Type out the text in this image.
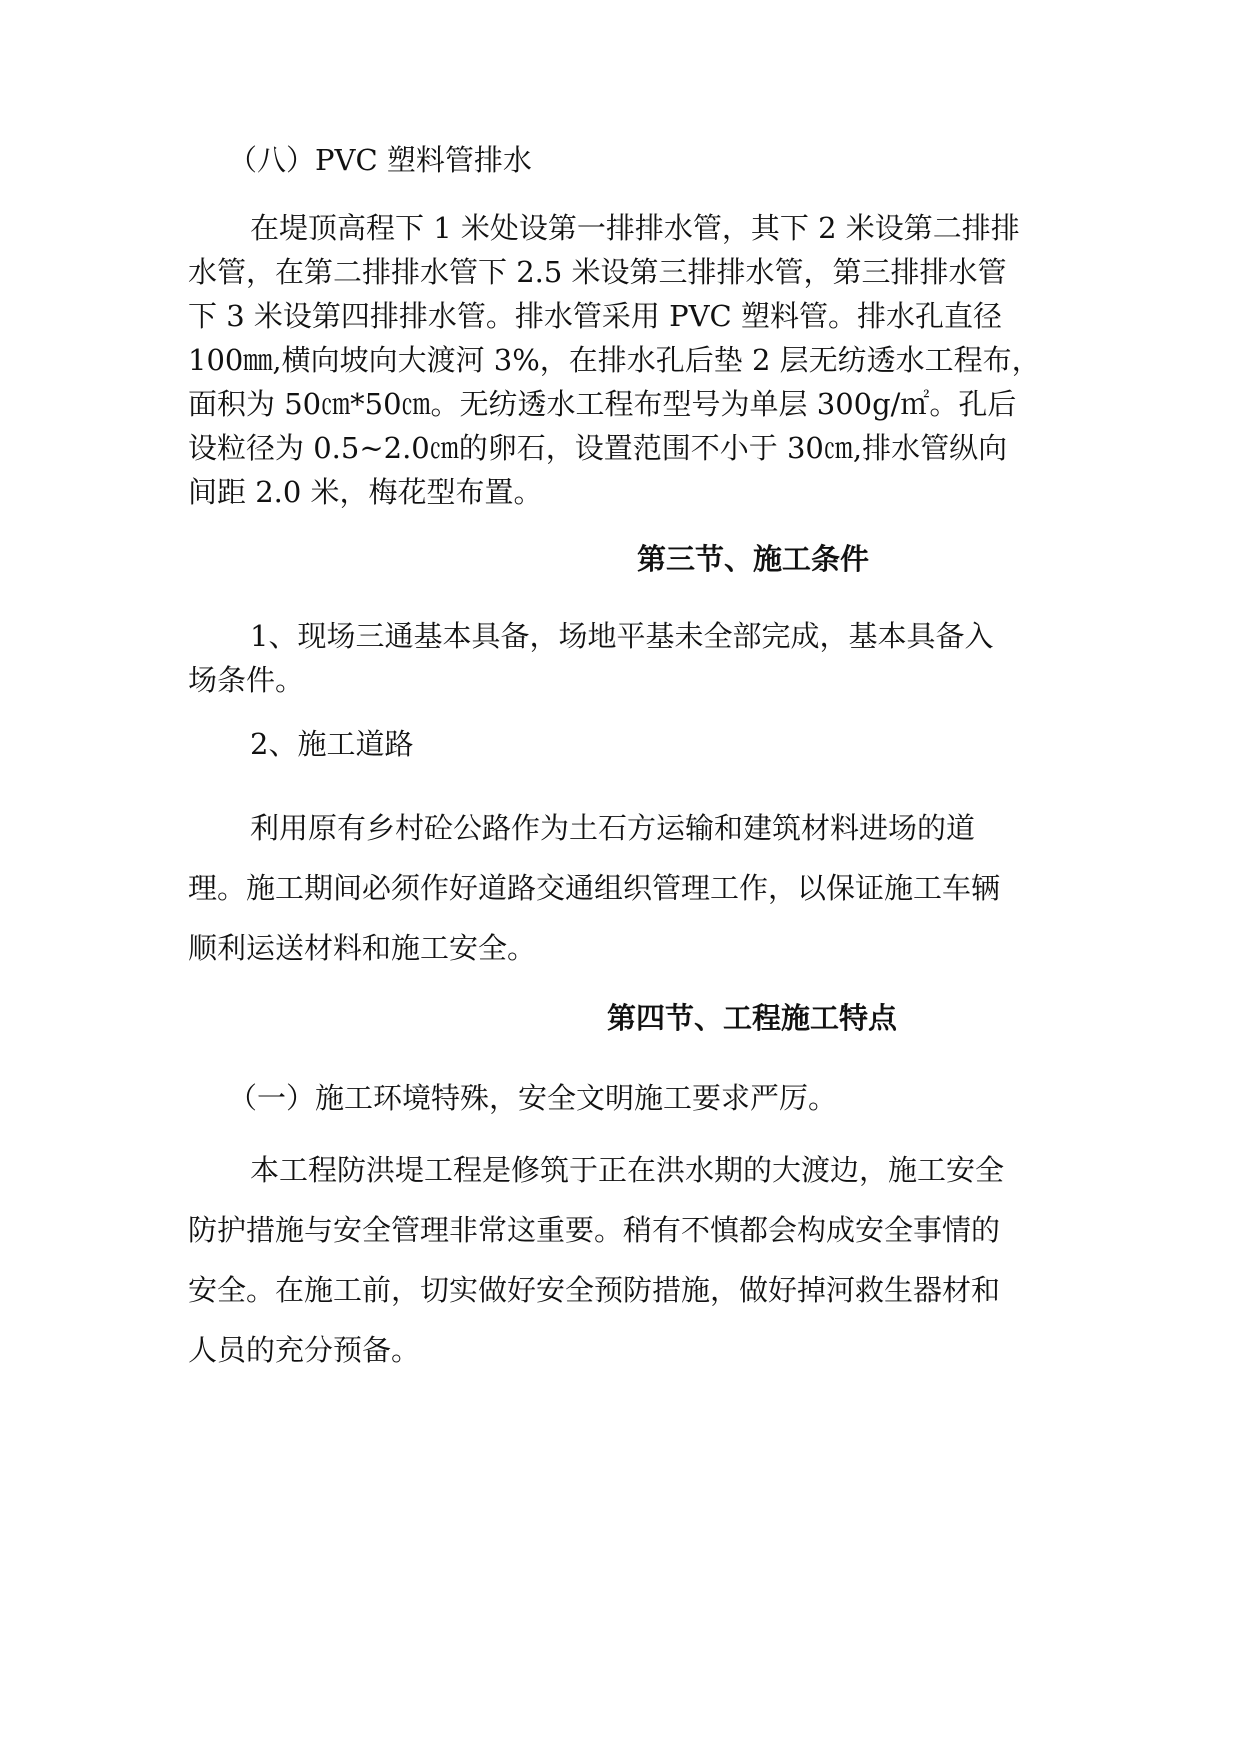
（八）PVC 塑料管排水

在堤顶高程下 1 米处设第一排排水管，其下 2 米设第二排排
水管，在第二排排水管下 2.5 米设第三排排水管，第三排排水管
下 3 米设第四排排水管。排水管采用 PVC 塑料管。排水孔直径
100㎜,横向坡向大渡河 3%，在排水孔后垫 2 层无纺透水工程布，
面积为 50㎝*50㎝。无纺透水工程布型号为单层 300g/㎡。孔后
设粒径为 0.5~2.0㎝的卵石，设置范围不小于 30㎝,排水管纵向
间距 2.0 米，梅花型布置。
第三节、施工条件
1、现场三通基本具备，场地平基未全部完成，基本具备入
场条件。

2、施工道路

利用原有乡村砼公路作为土石方运输和建筑材料进场的道
理。施工期间必须作好道路交通组织管理工作，以保证施工车辆
顺利运送材料和施工安全。
第四节、工程施工特点

（一）施工环境特殊，安全文明施工要求严厉。

本工程防洪堤工程是修筑于正在洪水期的大渡边，施工安全
防护措施与安全管理非常这重要。稍有不慎都会构成安全事情的
安全。在施工前，切实做好安全预防措施，做好掉河救生器材和
人员的充分预备。
